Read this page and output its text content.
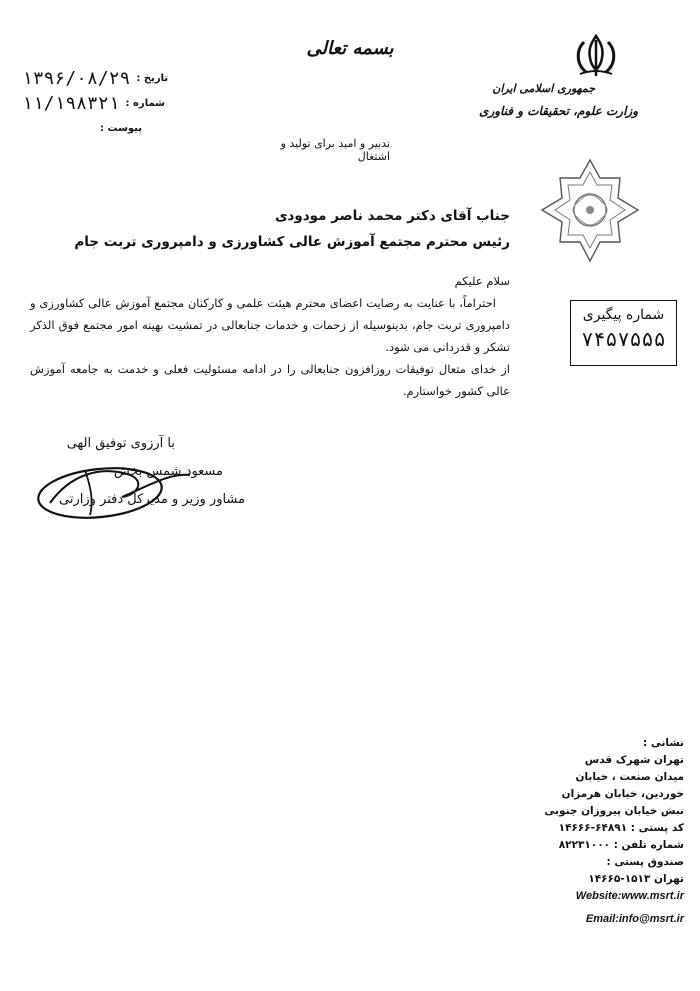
بسمه تعالی
جمهوری اسلامی ایران
وزارت علوم، تحقیقات و فناوری
تاریخ :
۱۳۹۶/۰۸/۲۹
شماره :
۱۱/۱۹۸۳۲۱
پیوست :
تدبیر و امید برای تولید و اشتغال
شماره پیگیری
۷۴۵۷۵۵۵
جناب آقای دکتر محمد ناصر مودودی
رئیس محترم مجتمع آموزش عالی کشاورزی و دامپروری تربت جام

سلام علیکم

احتراماً، با عنایت به رضایت اعضای محترم هیئت علمی و کارکنان مجتمع آموزش عالی کشاورزی و دامپروری تربت جام، بدینوسیله از زحمات و خدمات جنابعالی در تمشیت بهینه امور مجتمع فوق الذکر تشکر و قدردانی می شود.

از خداى متعال توفیقات روزافزون جنابعالی را در ادامه مسئولیت فعلی و خدمت به جامعه آموزش عالی کشور خواستارم.

با آرزوی توفیق الهی
مسعود شمس بخش
مشاور وزیر و مدیرکل دفتر وزارتی
نشانی :
تهران شهرک قدس
میدان صنعت ، خیابان
خوردین، خیابان هرمزان
نبش خیابان پیروزان جنوبی
کد پستی : ۶۴۸۹۱-۱۴۶۶۶
شماره تلفن : ۸۲۲۳۱۰۰۰
صندوق پستی :
تهران ۱۵۱۳-۱۴۶۶۵
Website:www.msrt.ir
Email:info@msrt.ir
